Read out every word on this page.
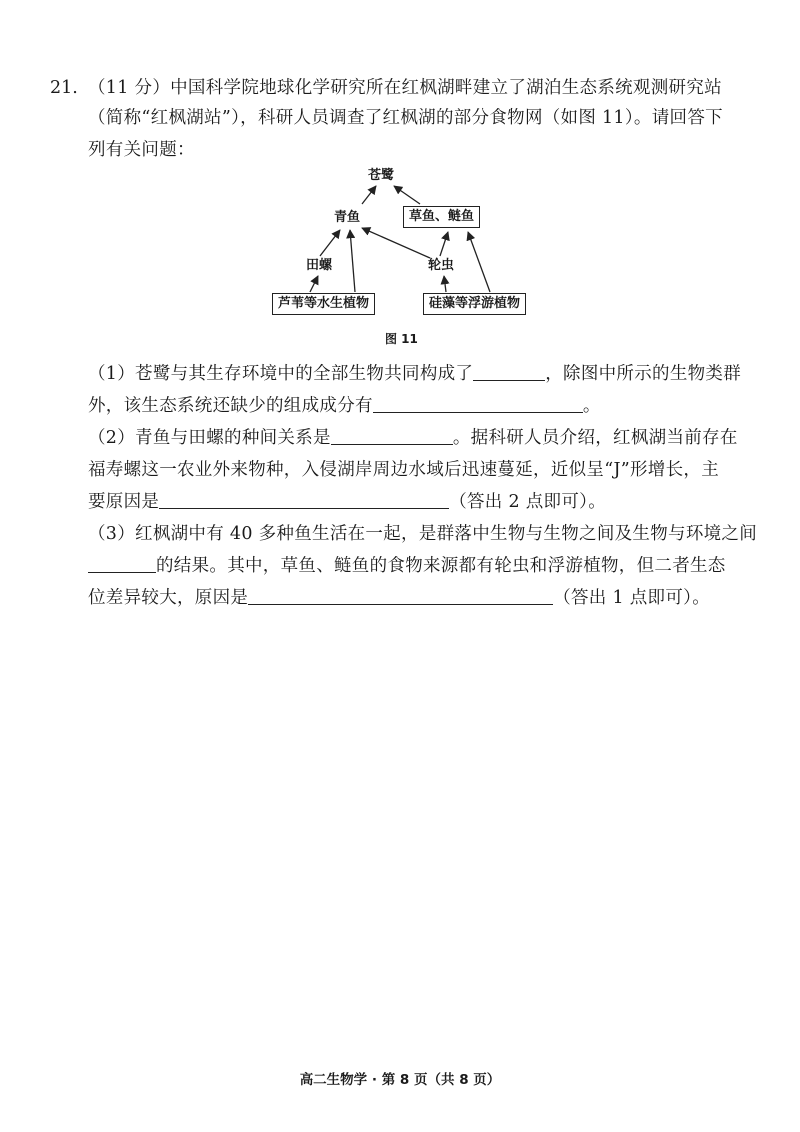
21. （11 分）中国科学院地球化学研究所在红枫湖畔建立了湖泊生态系统观测研究站
（简称“红枫湖站”），科研人员调查了红枫湖的部分食物网（如图 11）。请回答下
列有关问题：
苍鹭
青鱼	草鱼、鲢鱼
田螺	轮虫
芦苇等水生植物	硅藻等浮游植物
图 11
（1）苍鹭与其生存环境中的全部生物共同构成了	，除图中所示的生物类群
外，该生态系统还缺少的组成成分有	。
（2）青鱼与田螺的种间关系是	。据科研人员介绍，红枫湖当前存在
福寿螺这一农业外来物种，入侵湖岸周边水域后迅速蔓延，近似呈“J”形增长，主
要原因是	（答出 2 点即可）。
（3）红枫湖中有 40 多种鱼生活在一起，是群落中生物与生物之间及生物与环境之间
的结果。其中，草鱼、鲢鱼的食物来源都有轮虫和浮游植物，但二者生态
位差异较大，原因是	（答出 1 点即可）。
高二生物学 · 第 8 页（共 8 页）
